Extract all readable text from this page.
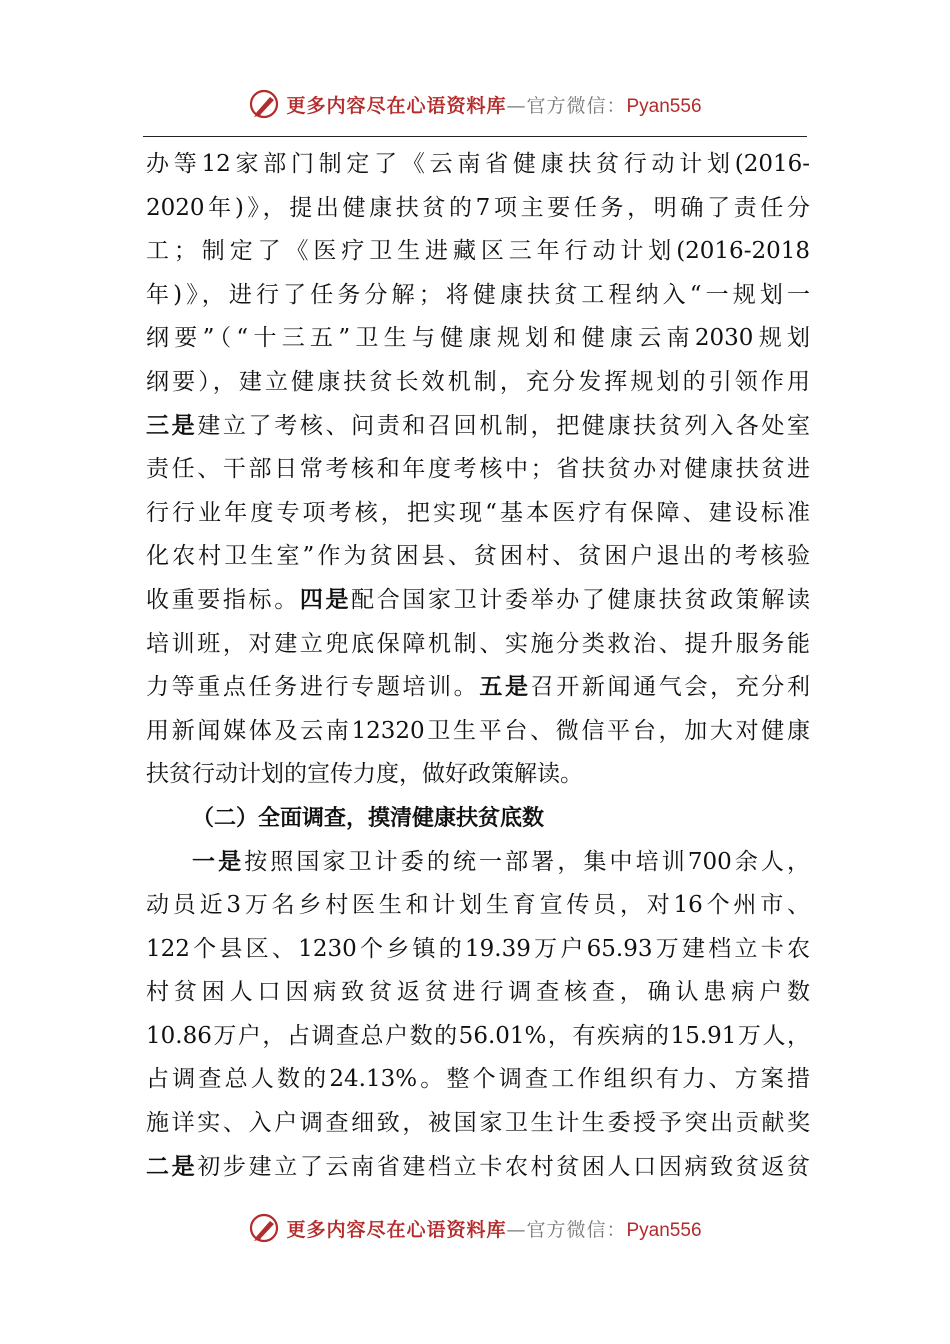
更多内容尽在心语资料库—官方微信：Pyan556
办等12家部门制定了《云南省健康扶贫行动计划(2016-
2020年)》，提出健康扶贫的7项主要任务，明确了责任分
工；制定了《医疗卫生进藏区三年行动计划(2016-2018
年)》，进行了任务分解；将健康扶贫工程纳入“一规划一
纲要”（“十三五”卫生与健康规划和健康云南2030规划
纲要），建立健康扶贫长效机制，充分发挥规划的引领作用
三是建立了考核、问责和召回机制，把健康扶贫列入各处室
责任、干部日常考核和年度考核中；省扶贫办对健康扶贫进
行行业年度专项考核，把实现“基本医疗有保障、建设标准
化农村卫生室”作为贫困县、贫困村、贫困户退出的考核验
收重要指标。四是配合国家卫计委举办了健康扶贫政策解读
培训班，对建立兜底保障机制、实施分类救治、提升服务能
力等重点任务进行专题培训。五是召开新闻通气会，充分利
用新闻媒体及云南12320卫生平台、微信平台，加大对健康
扶贫行动计划的宣传力度，做好政策解读。
（二）全面调查，摸清健康扶贫底数
一是按照国家卫计委的统一部署，集中培训700余人，
动员近3万名乡村医生和计划生育宣传员，对16个州市、
122个县区、1230个乡镇的19.39万户65.93万建档立卡农
村贫困人口因病致贫返贫进行调查核查，确认患病户数
10.86万户，占调查总户数的56.01%，有疾病的15.91万人，
占调查总人数的24.13%。整个调查工作组织有力、方案措
施详实、入户调查细致，被国家卫生计生委授予突出贡献奖
二是初步建立了云南省建档立卡农村贫困人口因病致贫返贫
更多内容尽在心语资料库—官方微信：Pyan556
